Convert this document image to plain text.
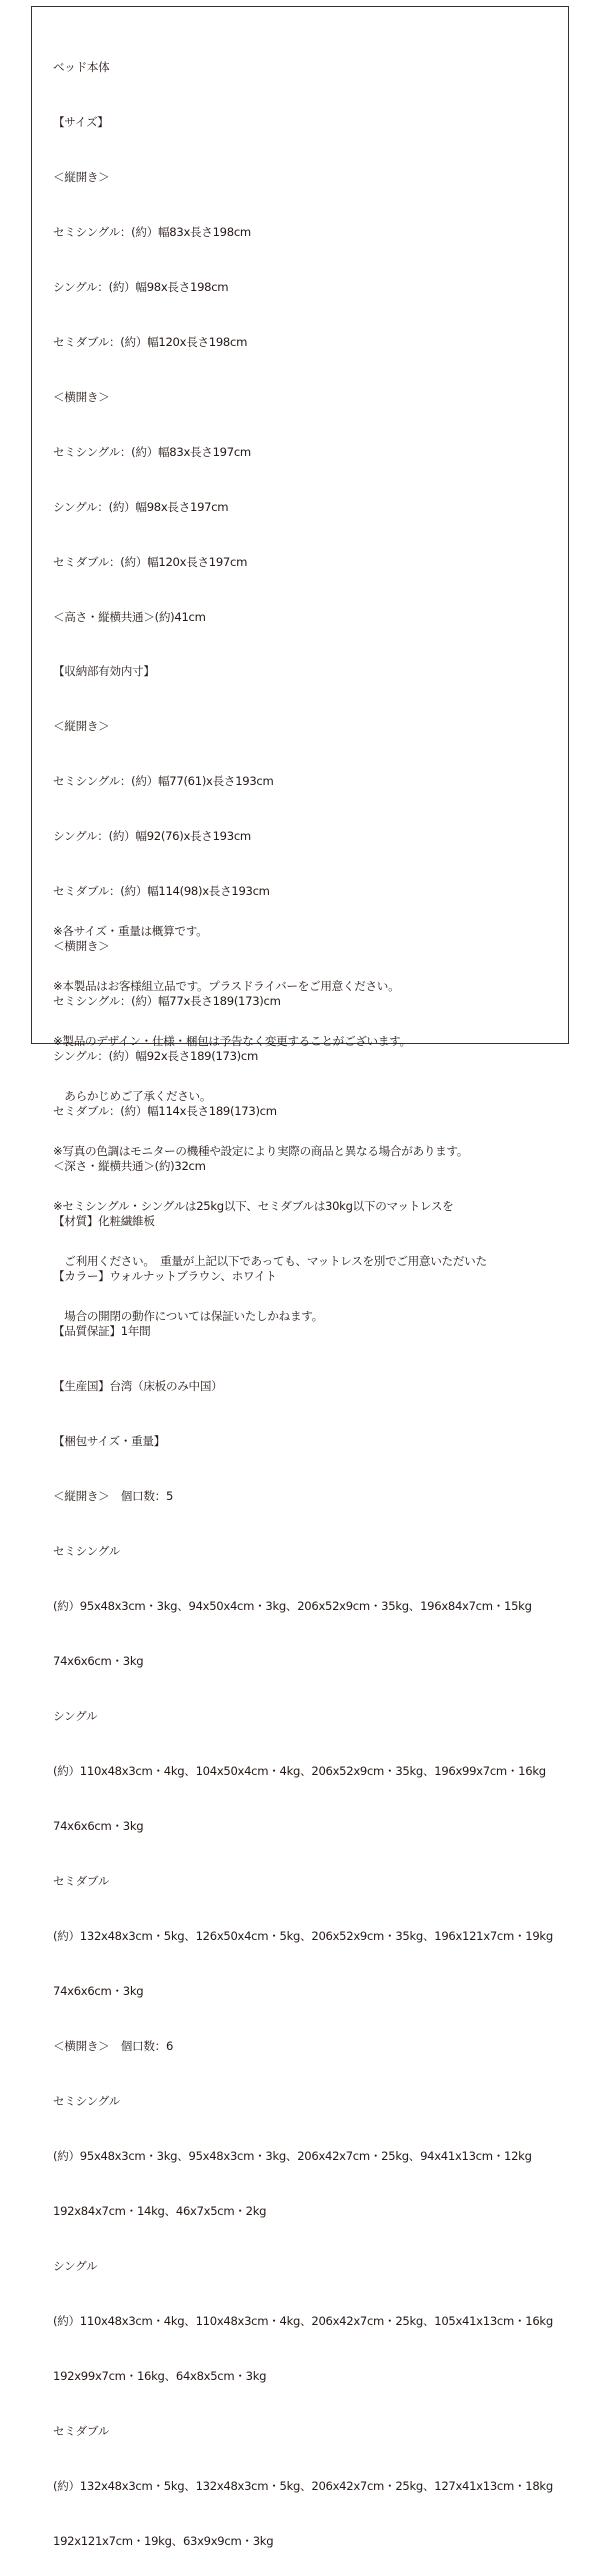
ベッド本体

【サイズ】

＜縦開き＞

セミシングル：(約）幅83x長さ198cm

シングル：(約）幅98x長さ198cm

セミダブル：(約）幅120x長さ198cm

＜横開き＞

セミシングル：(約）幅83x長さ197cm

シングル：(約）幅98x長さ197cm

セミダブル：(約）幅120x長さ197cm

＜高さ・縦横共通＞(約)41cm

【収納部有効内寸】

＜縦開き＞

セミシングル：(約）幅77(61)x長さ193cm

シングル：(約）幅92(76)x長さ193cm

セミダブル：(約）幅114(98)x長さ193cm

＜横開き＞

セミシングル：(約）幅77x長さ189(173)cm

シングル：(約）幅92x長さ189(173)cm

セミダブル：(約）幅114x長さ189(173)cm

＜深さ・縦横共通＞(約)32cm

【材質】化粧繊維板

【カラー】ウォルナットブラウン、ホワイト

【品質保証】1年間

【生産国】台湾（床板のみ中国）

【梱包サイズ・重量】

＜縦開き＞　個口数：5

セミシングル

(約）95x48x3cm・3kg、94x50x4cm・3kg、206x52x9cm・35kg、196x84x7cm・15kg

74x6x6cm・3kg

シングル

(約）110x48x3cm・4kg、104x50x4cm・4kg、206x52x9cm・35kg、196x99x7cm・16kg

74x6x6cm・3kg

セミダブル

(約）132x48x3cm・5kg、126x50x4cm・5kg、206x52x9cm・35kg、196x121x7cm・19kg

74x6x6cm・3kg

＜横開き＞　個口数：6

セミシングル

(約）95x48x3cm・3kg、95x48x3cm・3kg、206x42x7cm・25kg、94x41x13cm・12kg

192x84x7cm・14kg、46x7x5cm・2kg

シングル

(約）110x48x3cm・4kg、110x48x3cm・4kg、206x42x7cm・25kg、105x41x13cm・16kg

192x99x7cm・16kg、64x8x5cm・3kg

セミダブル

(約）132x48x3cm・5kg、132x48x3cm・5kg、206x42x7cm・25kg、127x41x13cm・18kg

192x121x7cm・19kg、63x9x9cm・3kg

※各サイズ・重量は概算です。

※本製品はお客様組立品です。プラスドライバーをご用意ください。

※製品のデザイン・仕様・梱包は予告なく変更することがございます。

　あらかじめご了承ください。

※写真の色調はモニターの機種や設定により実際の商品と異なる場合があります。

※セミシングル・シングルは25kg以下、セミダブルは30kg以下のマットレスを

　ご利用ください。　重量が上記以下であっても、マットレスを別でご用意いただいた

　場合の開閉の動作については保証いたしかねます。
